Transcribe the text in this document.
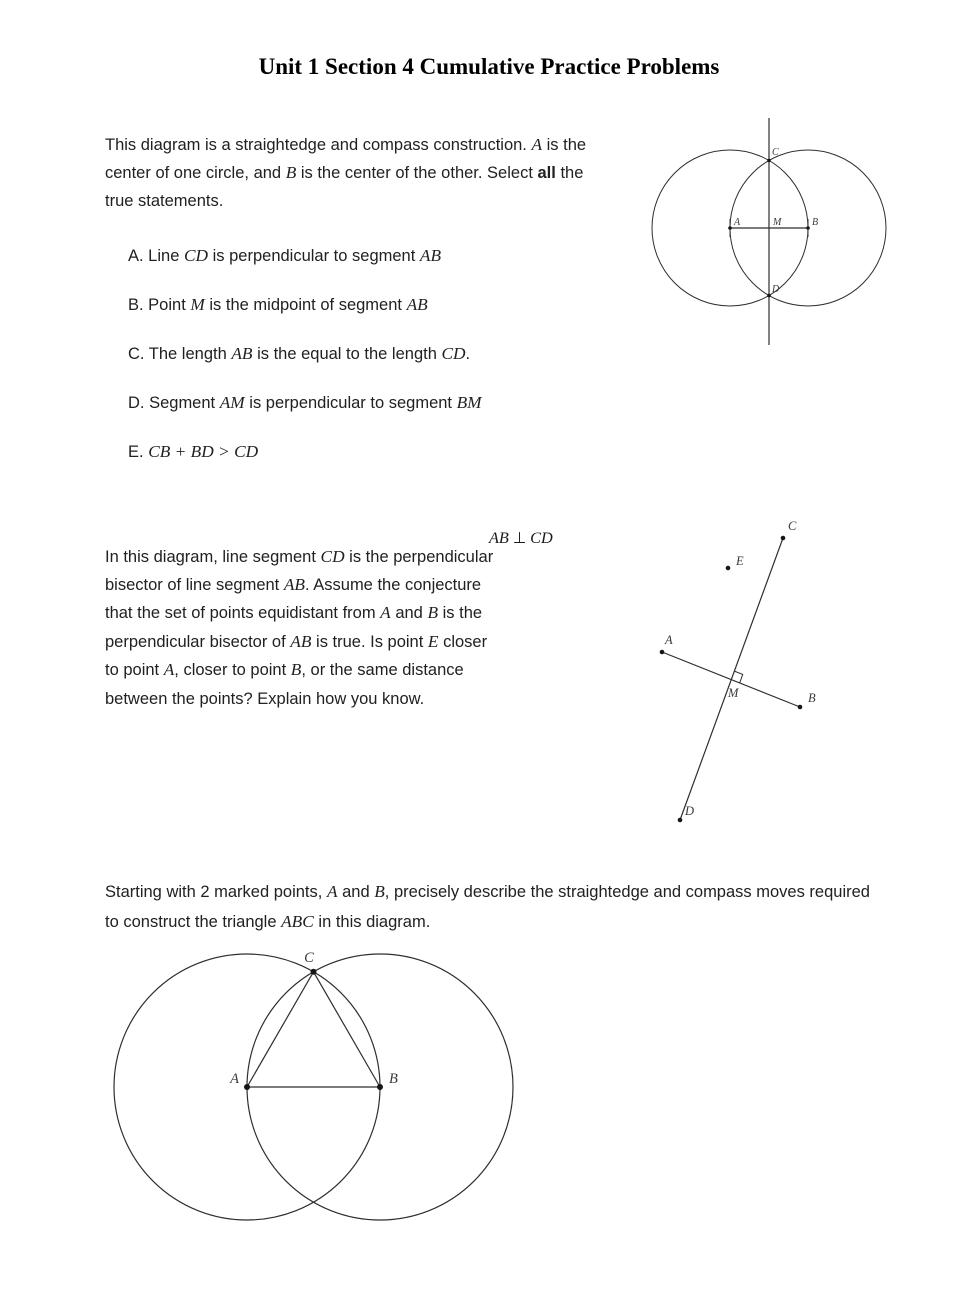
Unit 1 Section 4 Cumulative Practice Problems

This diagram is a straightedge and compass construction. A is the center of one circle, and B is the center of the other. Select all the true statements.

A. Line CD is perpendicular to segment AB
B. Point M is the midpoint of segment AB
C. The length AB is the equal to the length CD.
D. Segment AM is perpendicular to segment BM
E. CB + BD > CD
A	M	B
C
D

In this diagram, line segment CD is the perpendicular bisector of line segment AB. Assume the conjecture that the set of points equidistant from A and B is the perpendicular bisector of AB is true. Is point E closer to point A, closer to point B, or the same distance between the points? Explain how you know.

AB ⊥ CD
C
E
A
M	B
D

Starting with 2 marked points, A and B, precisely describe the straightedge and compass moves required to construct the triangle ABC in this diagram.

A	B
C
